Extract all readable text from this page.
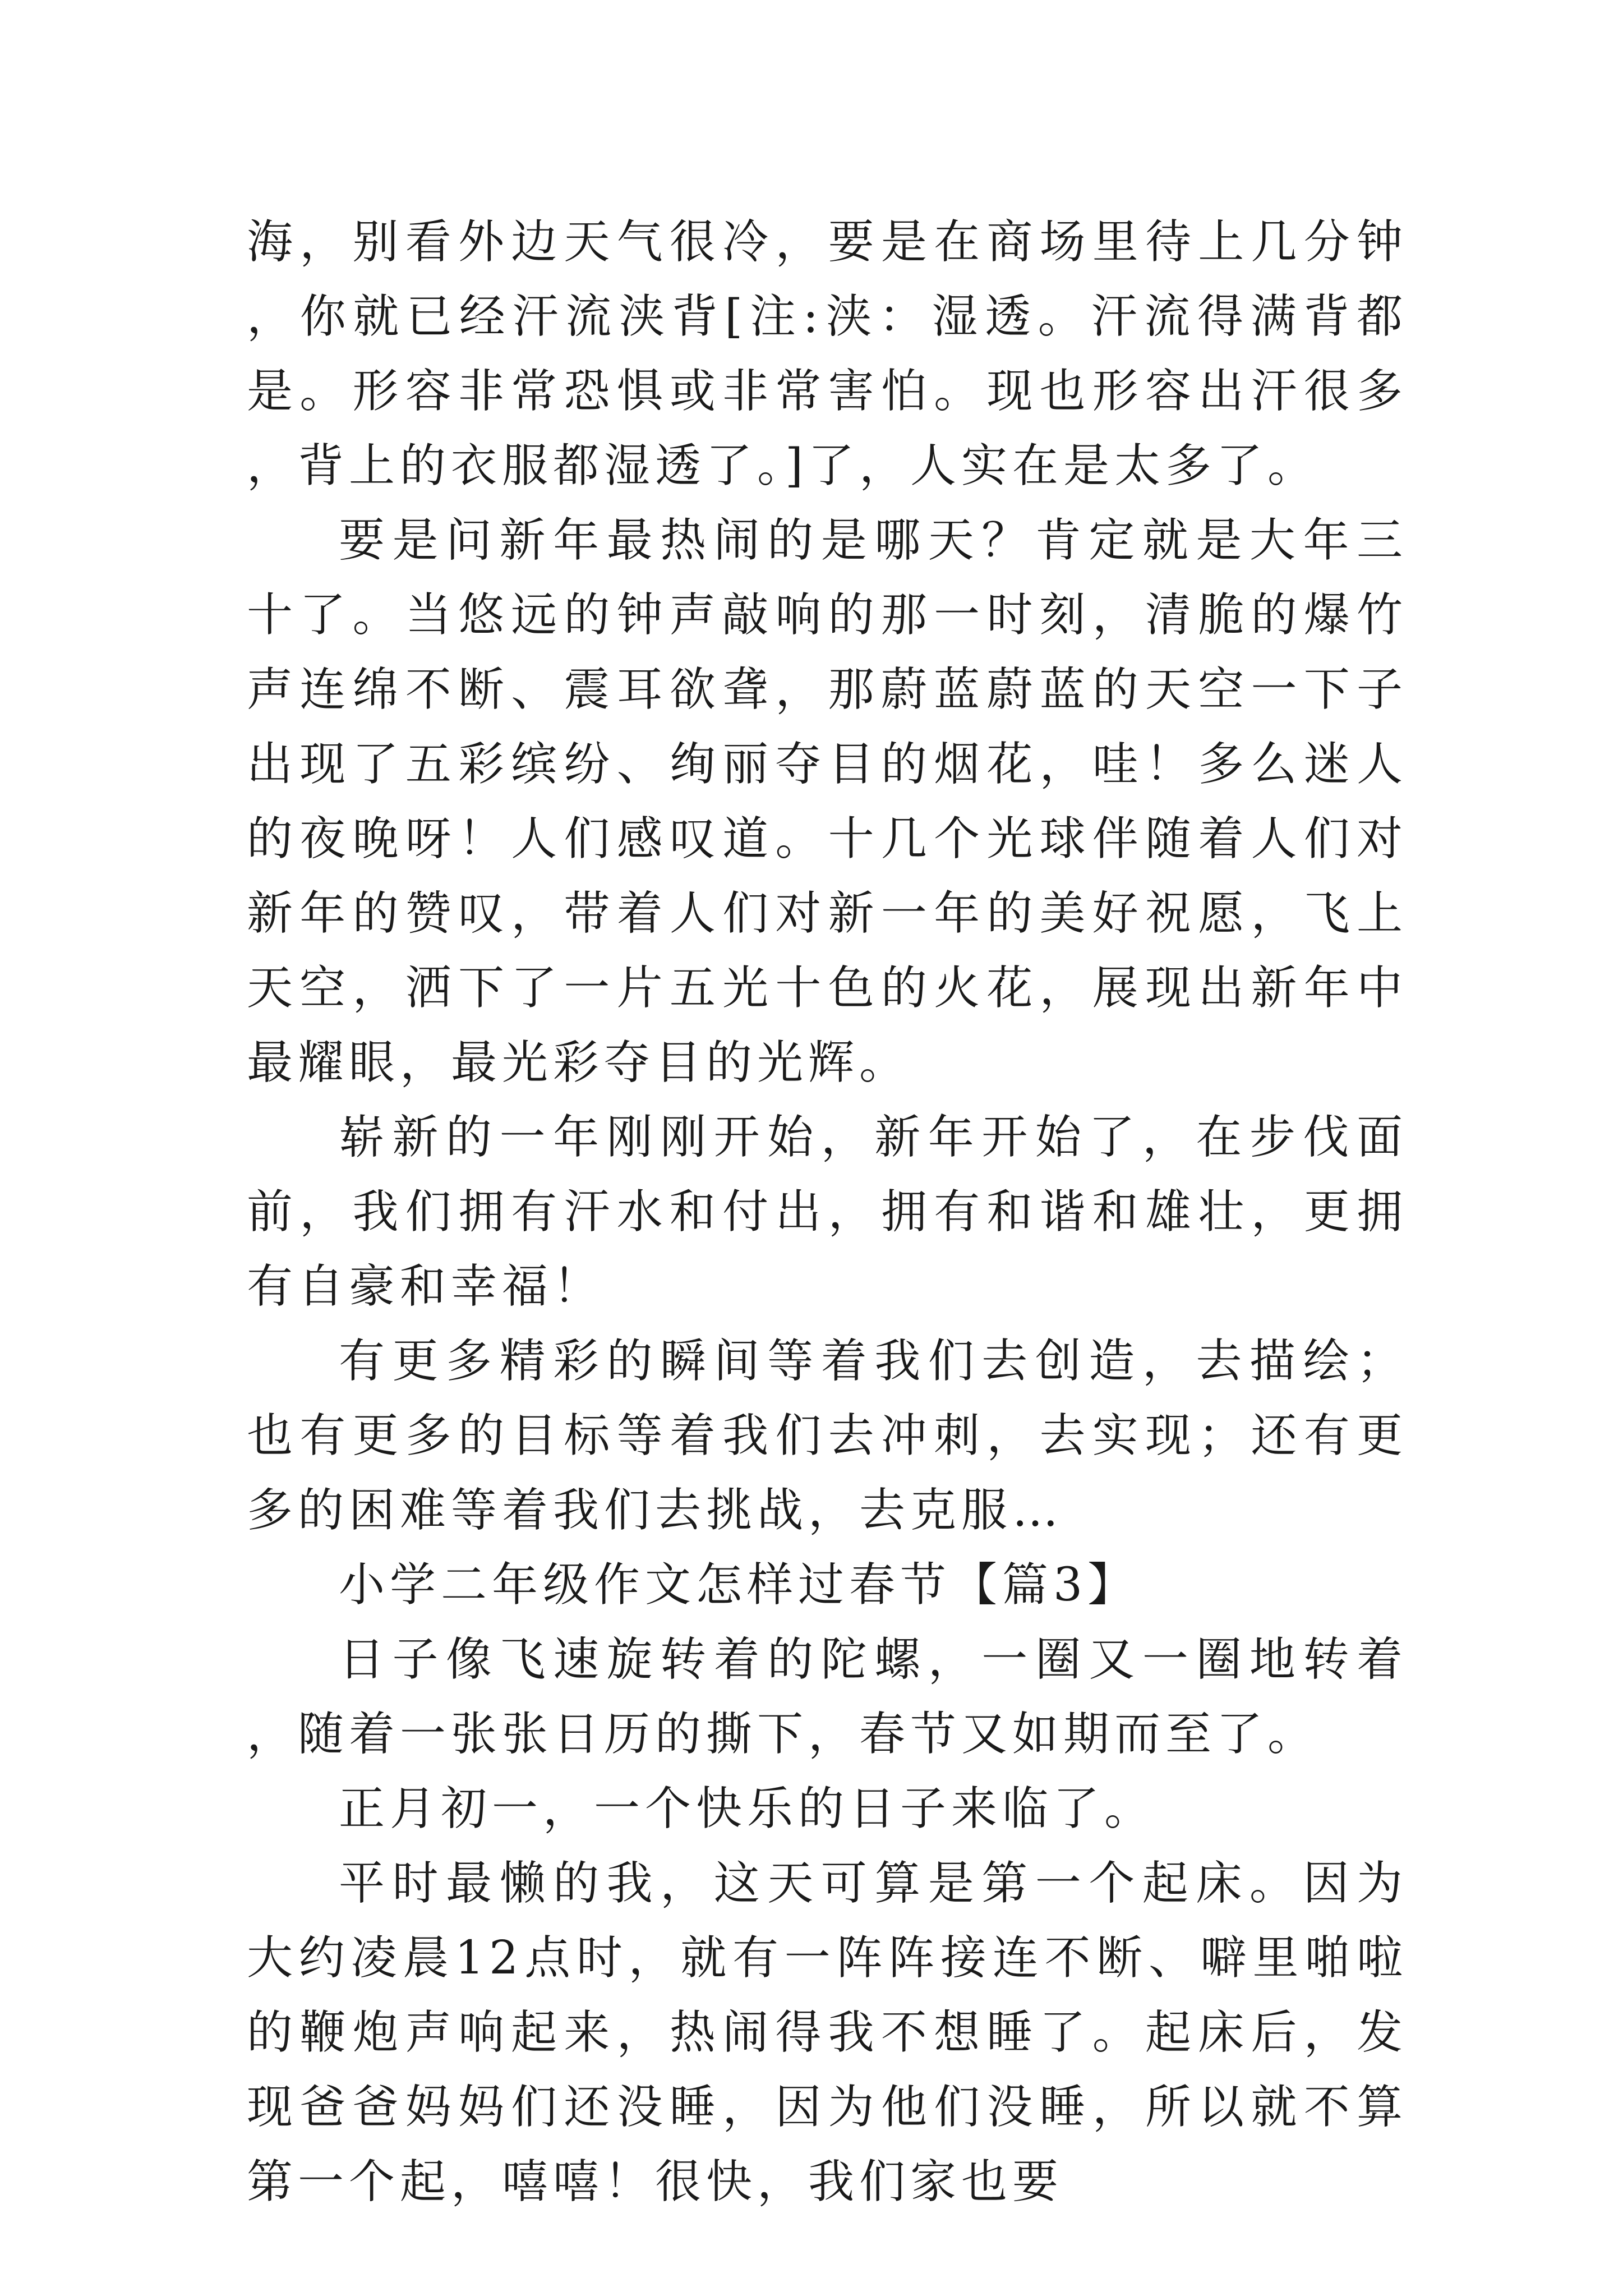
海，别看外边天气很冷，要是在商场里待上几分钟，你就已经汗流浃背[注:浃：湿透。汗流得满背都是。形容非常恐惧或非常害怕。现也形容出汗很多，背上的衣服都湿透了。]了，人实在是太多了。

要是问新年最热闹的是哪天？肯定就是大年三十了。当悠远的钟声敲响的那一时刻，清脆的爆竹声连绵不断、震耳欲聋，那蔚蓝蔚蓝的天空一下子出现了五彩缤纷、绚丽夺目的烟花，哇！多么迷人的夜晚呀！人们感叹道。十几个光球伴随着人们对新年的赞叹，带着人们对新一年的美好祝愿，飞上天空，洒下了一片五光十色的火花，展现出新年中最耀眼，最光彩夺目的光辉。

崭新的一年刚刚开始，新年开始了，在步伐面前，我们拥有汗水和付出，拥有和谐和雄壮，更拥有自豪和幸福！

有更多精彩的瞬间等着我们去创造，去描绘；也有更多的目标等着我们去冲刺，去实现；还有更多的困难等着我们去挑战，去克服…

小学二年级作文怎样过春节【篇3】

日子像飞速旋转着的陀螺，一圈又一圈地转着，随着一张张日历的撕下，春节又如期而至了。

正月初一，一个快乐的日子来临了。

平时最懒的我，这天可算是第一个起床。因为大约凌晨12点时，就有一阵阵接连不断、噼里啪啦的鞭炮声响起来，热闹得我不想睡了。起床后，发现爸爸妈妈们还没睡，因为他们没睡，所以就不算第一个起，嘻嘻！很快，我们家也要
